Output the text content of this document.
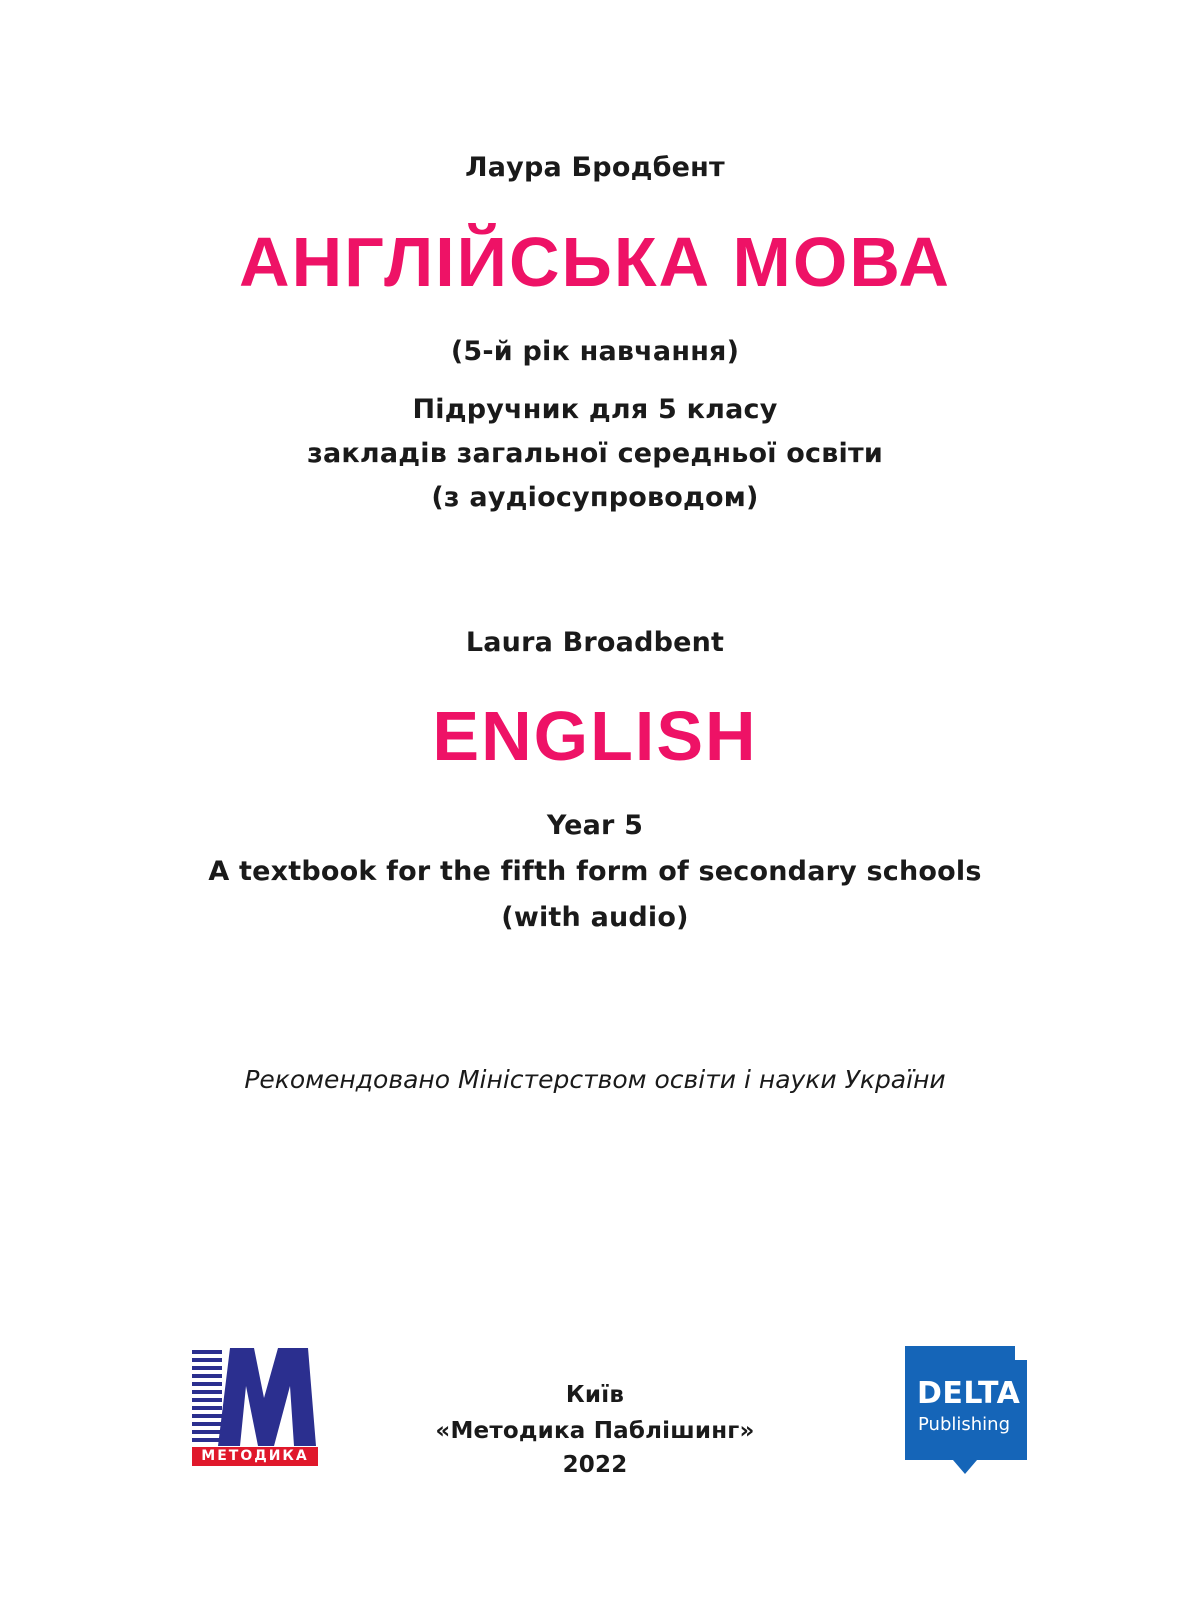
Лаура Бродбент
АНГЛІЙСЬКА МОВА
(5-й рік навчання)
Підручник для 5 класу
закладів загальної середньої освіти
(з аудіосупроводом)
Laura Broadbent
ENGLISH
Year 5
A textbook for the fifth form of secondary schools
(with audio)
Рекомендовано Міністерством освіти і науки України
МЕТОДИКА
Київ
«Методика Паблішинг»
2022
DELTA
Publishing
